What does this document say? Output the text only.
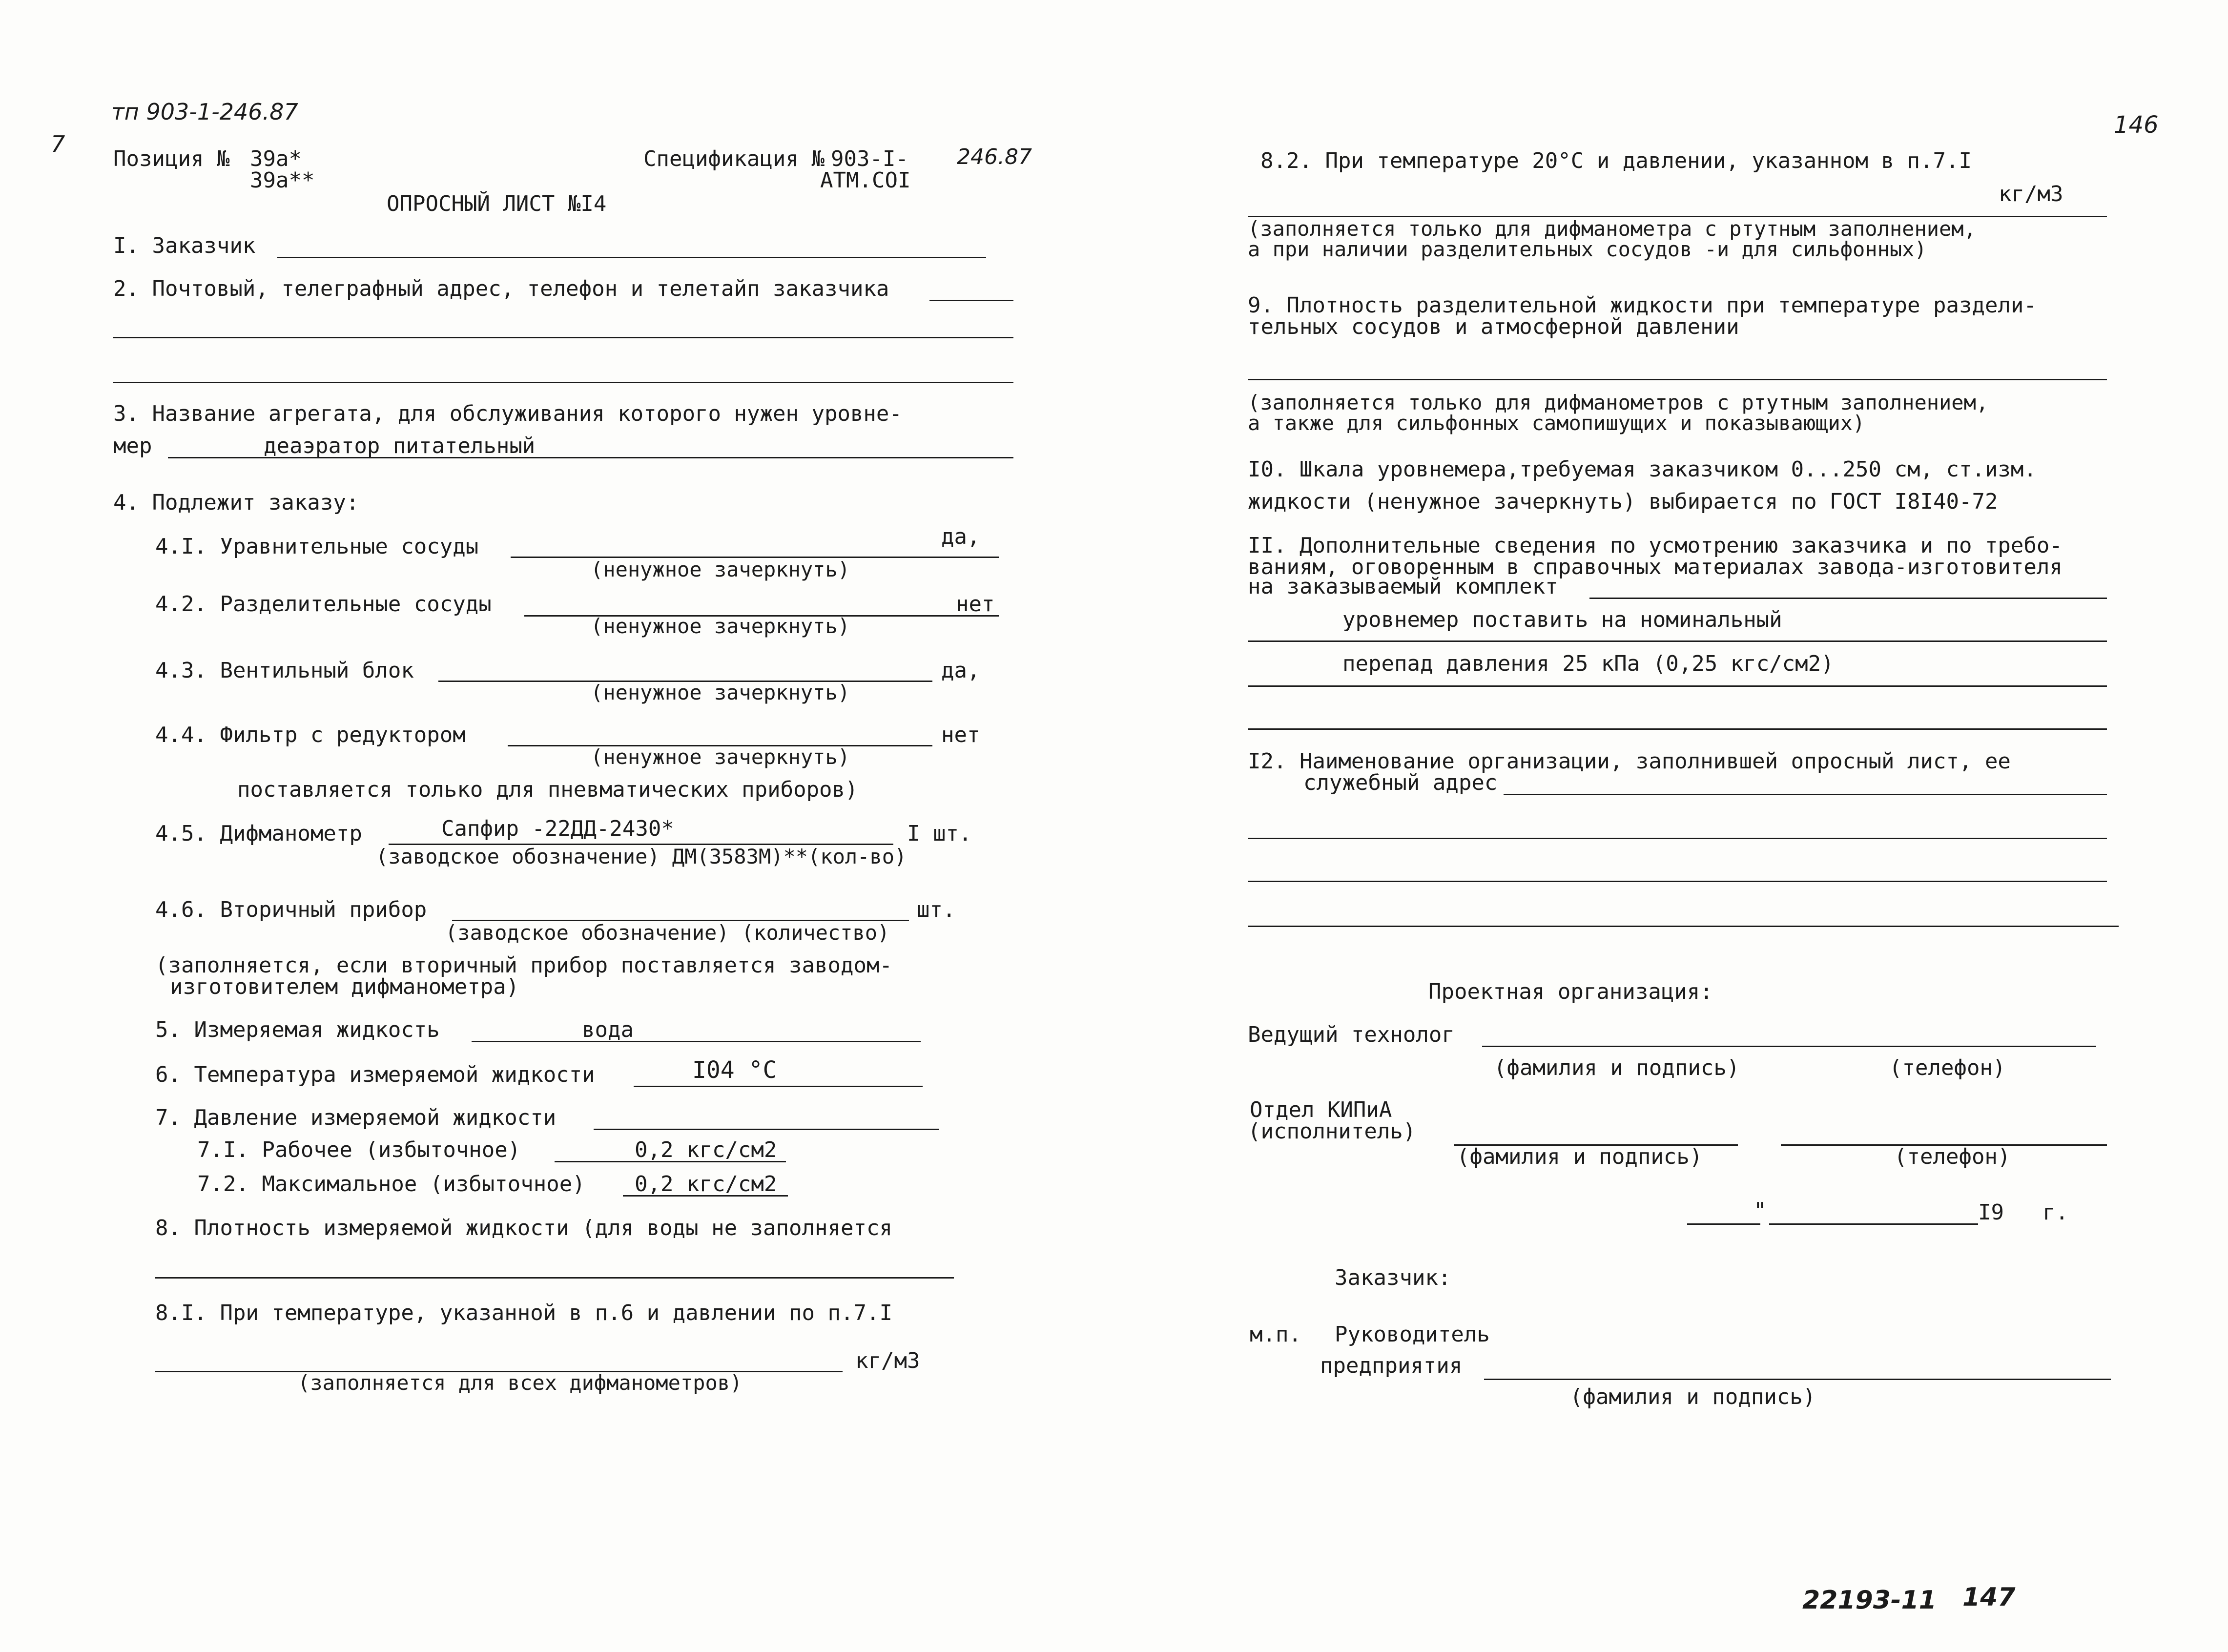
тп 903-1-246.87
7
146
Позиция № 39а*
39а**
Спецификация № 903-I- 246.87
АТМ.СОI
ОПРОСНЫЙ ЛИСТ №I4
I. Заказчик
2. Почтовый, телеграфный адрес, телефон и телетайп заказчика
3. Название агрегата, для обслуживания которого нужен уровне-
мер	деаэратор питательный
4. Подлежит заказу:
4.I. Уравнительные сосуды	да,
(ненужное зачеркнуть)
4.2. Разделительные сосуды	нет
(ненужное зачеркнуть)
4.3. Вентильный блок	да,
(ненужное зачеркнуть)
4.4. Фильтр с редуктором	нет
(ненужное зачеркнуть)
поставляется только для пневматических приборов)
4.5. Дифманометр	Сапфир -22ДД-2430*	I шт.
(заводское обозначение) ДМ(3583М)**(кол-во)
4.6. Вторичный прибор	шт.
(заводское обозначение) (количество)
(заполняется, если вторичный прибор поставляется заводом-
изготовителем дифманометра)
5. Измеряемая жидкость	вода
6. Температура измеряемой жидкости	I04 °С
7. Давление измеряемой жидкости
7.I. Рабочее (избыточное)	0,2 кгс/см2
7.2. Максимальное (избыточное) 0,2 кгс/см2
8. Плотность измеряемой жидкости (для воды не заполняется
8.I. При температуре, указанной в п.6 и давлении по п.7.I
кг/м3
(заполняется для всех дифманометров)
8.2. При температуре 20°С и давлении, указанном в п.7.I
кг/м3
(заполняется только для дифманометра с ртутным заполнением,
а при наличии разделительных сосудов -и для сильфонных)
9. Плотность разделительной жидкости при температуре раздели-
тельных сосудов и атмосферной давлении
(заполняется только для дифманометров с ртутным заполнением,
а также для сильфонных самопишущих и показывающих)
I0. Шкала уровнемера,требуемая заказчиком 0...250 см, ст.изм.
жидкости (ненужное зачеркнуть) выбирается по ГОСТ I8I40-72
II. Дополнительные сведения по усмотрению заказчика и по требо-
ваниям, оговоренным в справочных материалах завода-изготовителя
на заказываемый комплект
уровнемер поставить на номинальный
перепад давления 25 кПа (0,25 кгс/см2)
I2. Наименование организации, заполнившей опросный лист, ее
служебный адрес
Проектная организация:
Ведущий технолог
(фамилия и подпись)	(телефон)
Отдел КИПиА
(исполнитель)
(фамилия и подпись)	(телефон)
"	I9 г.
Заказчик:
м.п. Руководитель
предприятия
(фамилия и подпись)
22193-11 147
